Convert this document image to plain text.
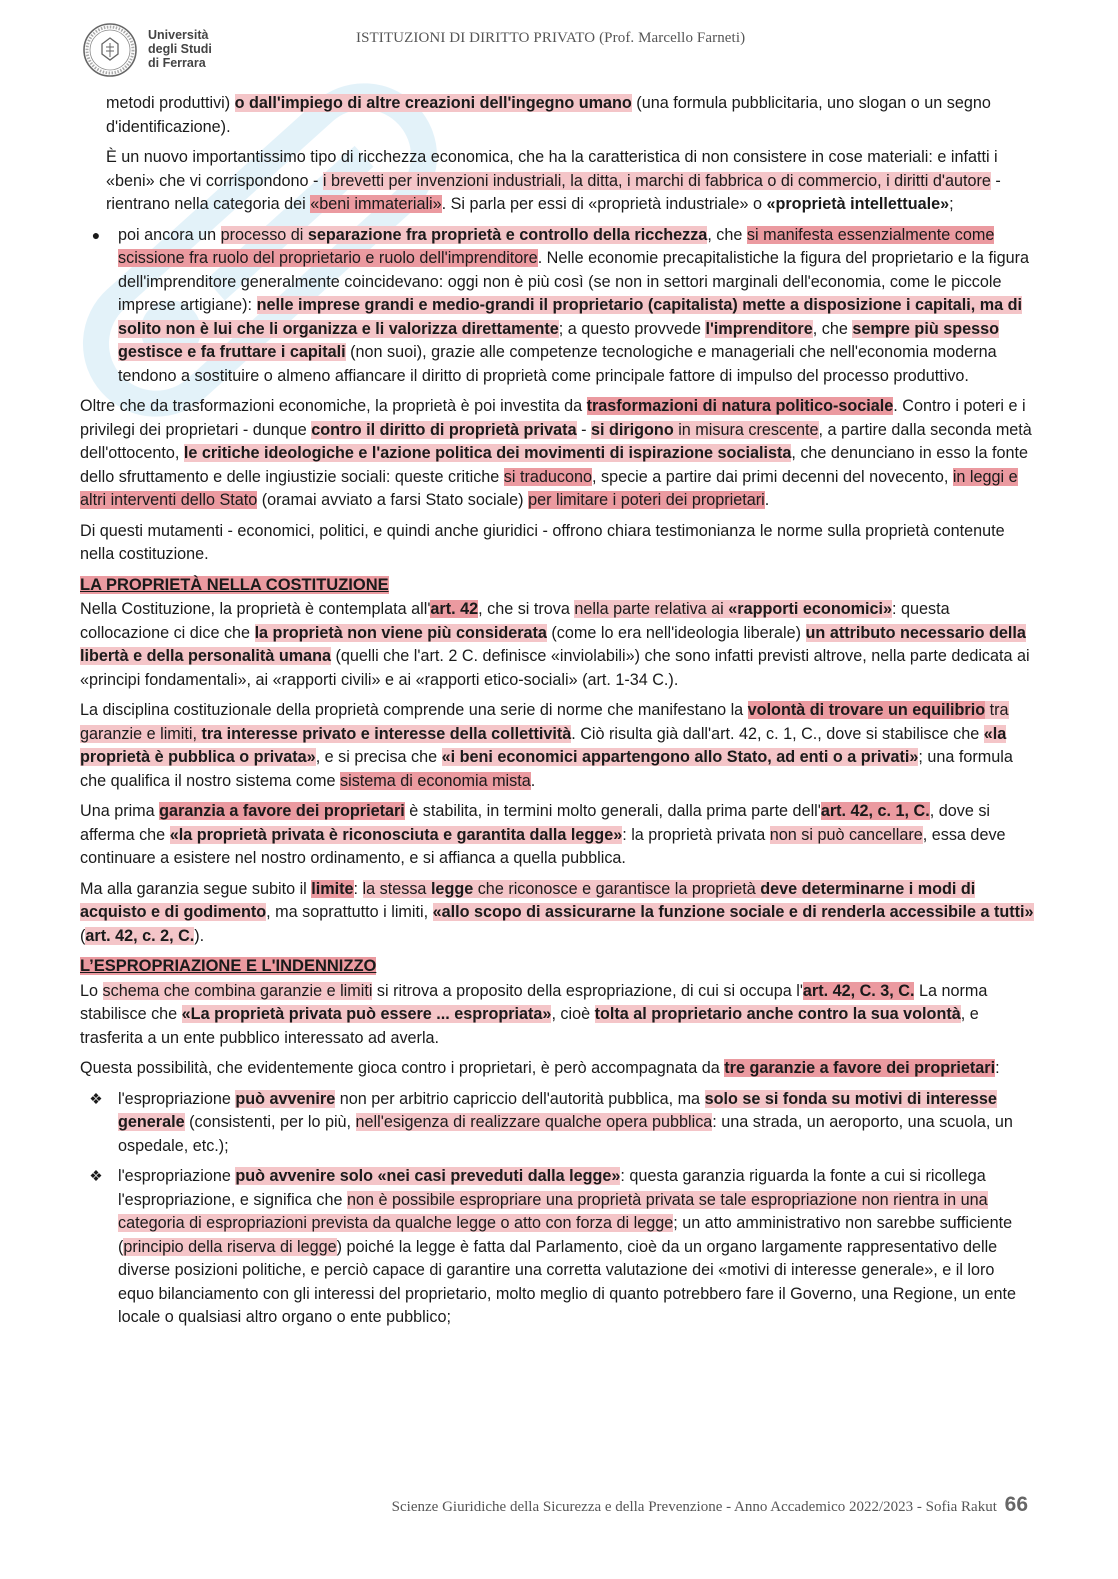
Università
degli Studi
di Ferrara
ISTITUZIONI DI DIRITTO PRIVATO (Prof. Marcello Farneti)

metodi produttivi) o dall'impiego di altre creazioni dell'ingegno umano (una formula pubblicitaria, uno slogan o un segno d'identificazione).

È un nuovo importantissimo tipo di ricchezza economica, che ha la caratteristica di non consistere in cose materiali: e infatti i «beni» che vi corrispondono - i brevetti per invenzioni industriali, la ditta, i marchi di fabbrica o di commercio, i diritti d'autore - rientrano nella categoria dei «beni immateriali». Si parla per essi di «proprietà industriale» o «proprietà intellettuale»;

●	poi ancora un processo di separazione fra proprietà e controllo della ricchezza, che si manifesta essenzialmente come scissione fra ruolo del proprietario e ruolo dell'imprenditore. Nelle economie precapitalistiche la figura del proprietario e la figura dell'imprenditore generalmente coincidevano: oggi non è più così (se non in settori marginali dell'economia, come le piccole imprese artigiane): nelle imprese grandi e medio-grandi il proprietario (capitalista) mette a disposizione i capitali, ma di solito non è lui che li organizza e li valorizza direttamente; a questo provvede l'imprenditore, che sempre più spesso gestisce e fa fruttare i capitali (non suoi), grazie alle competenze tecnologiche e manageriali che nell'economia moderna tendono a sostituire o almeno affiancare il diritto di proprietà come principale fattore di impulso del processo produttivo.

Oltre che da trasformazioni economiche, la proprietà è poi investita da trasformazioni di natura politico-sociale. Contro i poteri e i privilegi dei proprietari - dunque contro il diritto di proprietà privata - si dirigono in misura crescente, a partire dalla seconda metà dell'ottocento, le critiche ideologiche e l'azione politica dei movimenti di ispirazione socialista, che denunciano in esso la fonte dello sfruttamento e delle ingiustizie sociali: queste critiche si traducono, specie a partire dai primi decenni del novecento, in leggi e altri interventi dello Stato (oramai avviato a farsi Stato sociale) per limitare i poteri dei proprietari.

Di questi mutamenti - economici, politici, e quindi anche giuridici - offrono chiara testimonianza le norme sulla proprietà contenute nella costituzione.

LA PROPRIETÀ NELLA COSTITUZIONE

Nella Costituzione, la proprietà è contemplata all'art. 42, che si trova nella parte relativa ai «rapporti economici»: questa collocazione ci dice che la proprietà non viene più considerata (come lo era nell'ideologia liberale) un attributo necessario della libertà e della personalità umana (quelli che l'art. 2 C. definisce «inviolabili») che sono infatti previsti altrove, nella parte dedicata ai «principi fondamentali», ai «rapporti civili» e ai «rapporti etico-sociali» (art. 1-34 C.).

La disciplina costituzionale della proprietà comprende una serie di norme che manifestano la volontà di trovare un equilibrio tra garanzie e limiti, tra interesse privato e interesse della collettività. Ciò risulta già dall'art. 42, c. 1, C., dove si stabilisce che «la proprietà è pubblica o privata», e si precisa che «i beni economici appartengono allo Stato, ad enti o a privati»; una formula che qualifica il nostro sistema come sistema di economia mista.

Una prima garanzia a favore dei proprietari è stabilita, in termini molto generali, dalla prima parte dell'art. 42, c. 1, C., dove si afferma che «la proprietà privata è riconosciuta e garantita dalla legge»: la proprietà privata non si può cancellare, essa deve continuare a esistere nel nostro ordinamento, e si affianca a quella pubblica.

Ma alla garanzia segue subito il limite: la stessa legge che riconosce e garantisce la proprietà deve determinarne i modi di acquisto e di godimento, ma soprattutto i limiti, «allo scopo di assicurarne la funzione sociale e di renderla accessibile a tutti» (art. 42, c. 2, C.).

L’ESPROPRIAZIONE E L'INDENNIZZO

Lo schema che combina garanzie e limiti si ritrova a proposito della espropriazione, di cui si occupa l'art. 42, C. 3, C. La norma stabilisce che «La proprietà privata può essere ... espropriata», cioè tolta al proprietario anche contro la sua volontà, e trasferita a un ente pubblico interessato ad averla.

Questa possibilità, che evidentemente gioca contro i proprietari, è però accompagnata da tre garanzie a favore dei proprietari:

❖ l'espropriazione può avvenire non per arbitrio capriccio dell'autorità pubblica, ma solo se si fonda su motivi di interesse generale (consistenti, per lo più, nell'esigenza di realizzare qualche opera pubblica: una strada, un aeroporto, una scuola, un ospedale, etc.);
❖ l'espropriazione può avvenire solo «nei casi preveduti dalla legge»: questa garanzia riguarda la fonte a cui si ricollega l'espropriazione, e significa che non è possibile espropriare una proprietà privata se tale espropriazione non rientra in una categoria di espropriazioni prevista da qualche legge o atto con forza di legge; un atto amministrativo non sarebbe sufficiente (principio della riserva di legge) poiché la legge è fatta dal Parlamento, cioè da un organo largamente rappresentativo delle diverse posizioni politiche, e perciò capace di garantire una corretta valutazione dei «motivi di interesse generale», e il loro equo bilanciamento con gli interessi del proprietario, molto meglio di quanto potrebbero fare il Governo, una Regione, un ente locale o qualsiasi altro organo o ente pubblico;
Scienze Giuridiche della Sicurezza e della Prevenzione - Anno Accademico 2022/2023 - Sofia Rakut 66
